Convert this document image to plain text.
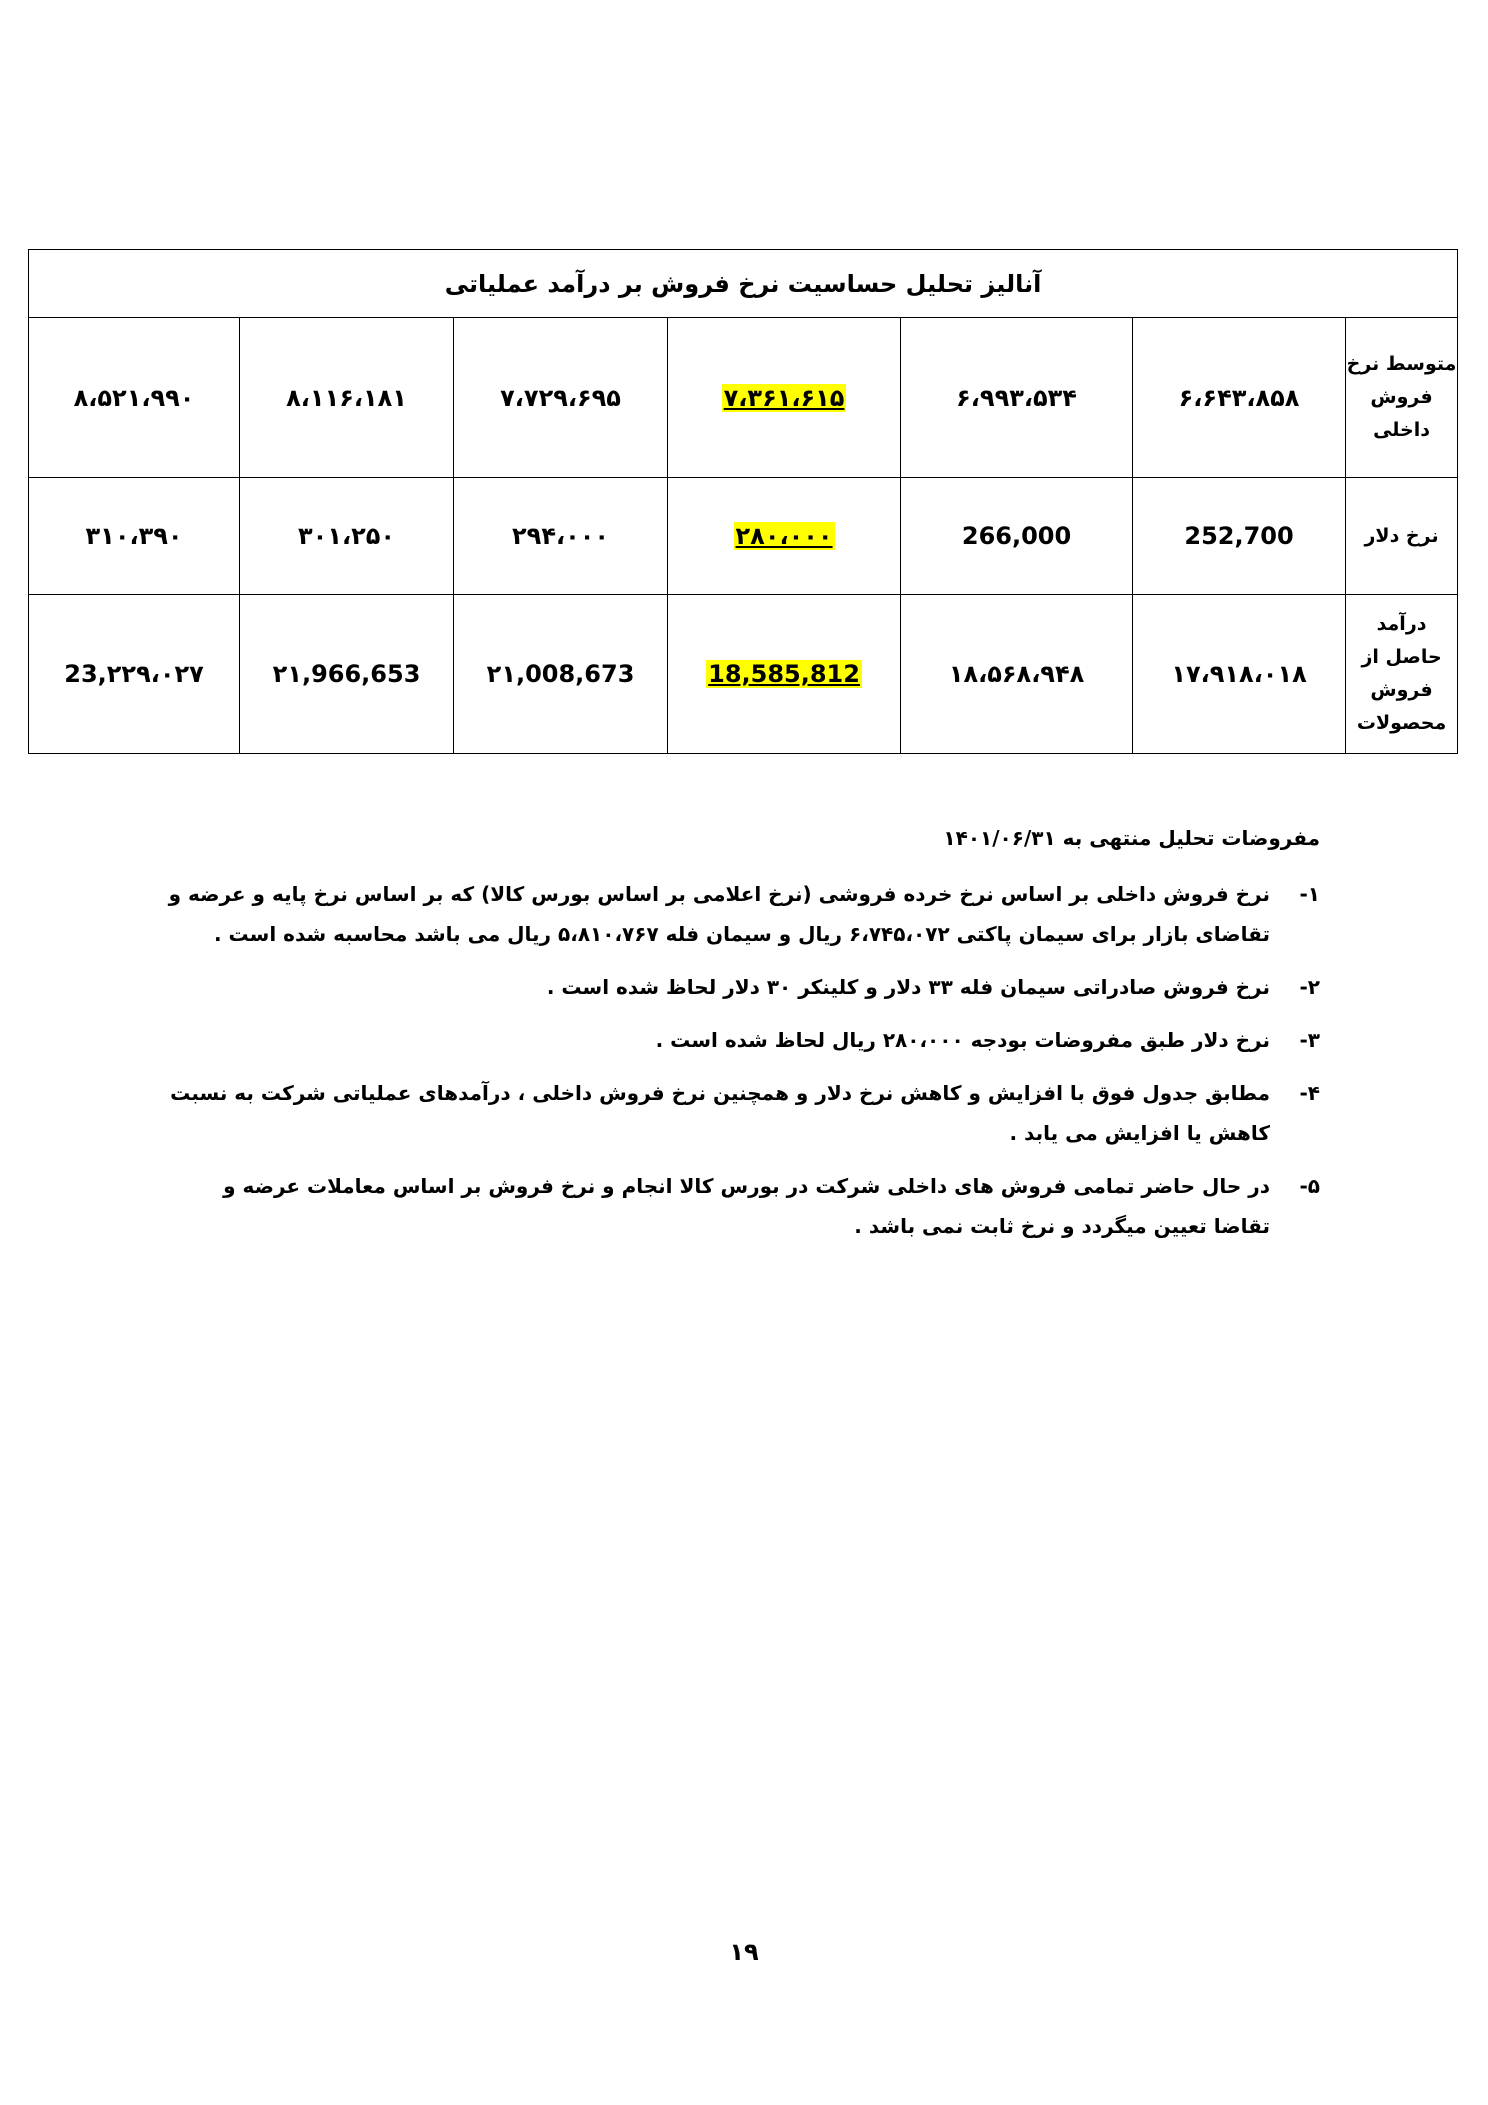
آنالیز تحلیل حساسیت نرخ فروش بر درآمد عملیاتی						
متوسط نرخ فروش داخلی	۶،۶۴۳،۸۵۸	۶،۹۹۳،۵۳۴	۷،۳۶۱،۶۱۵	۷،۷۲۹،۶۹۵	۸،۱۱۶،۱۸۱	۸،۵۲۱،۹۹۰
نرخ دلار	252,700	266,000	۲۸۰،۰۰۰	۲۹۴،۰۰۰	۳۰۱،۲۵۰	۳۱۰،۳۹۰
درآمد حاصل از فروش محصولات	۱۷،۹۱۸،۰۱۸	۱۸،۵۶۸،۹۴۸	18,585,812	۲۱,008,673	۲۱,966,653	23,۲۲۹،۰۲۷
مفروضات تحلیل منتهی به ۱۴۰۱/۰۶/۳۱
۱-
نرخ فروش داخلی بر اساس نرخ خرده فروشی (نرخ اعلامی بر اساس بورس کالا) که بر اساس نرخ پایه و عرضه و تقاضای بازار برای سیمان پاکتی ۶،۷۴۵،۰۷۲ ریال و سیمان فله ۵،۸۱۰،۷۶۷ ریال می باشد محاسبه شده است .
۲-
نرخ فروش صادراتی سیمان فله ۳۳ دلار و کلینکر ۳۰ دلار لحاظ شده است .
۳-
نرخ دلار طبق مفروضات بودجه ۲۸۰،۰۰۰ ریال لحاظ شده است .
۴-
مطابق جدول فوق با افزایش و کاهش نرخ دلار و همچنین نرخ فروش داخلی ، درآمدهای عملیاتی شرکت به نسبت کاهش یا افزایش می یابد .
۵-
در حال حاضر تمامی فروش های داخلی شرکت در بورس کالا انجام و نرخ فروش بر اساس معاملات عرضه و تقاضا تعیین میگردد و نرخ ثابت نمی باشد .
۱۹
